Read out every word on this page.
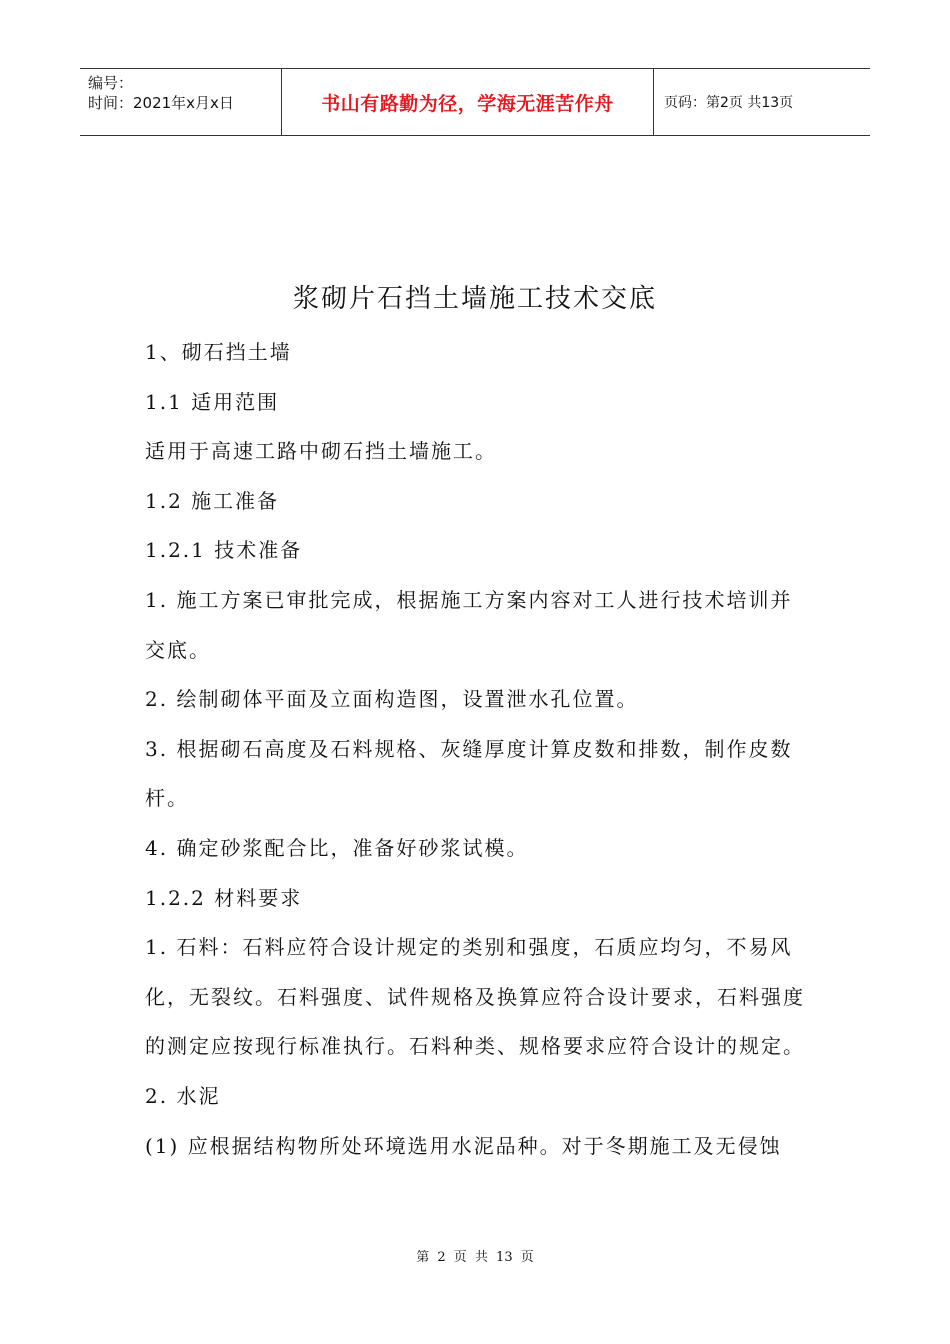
编号：
时间：2021年x月x日	书山有路勤为径，学海无涯苦作舟	页码：第2页 共13页
浆砌片石挡土墙施工技术交底

1、砌石挡土墙

1.1 适用范围

适用于高速工路中砌石挡土墙施工。

1.2 施工准备

1.2.1 技术准备

1. 施工方案已审批完成，根据施工方案内容对工人进行技术培训并交底。

2. 绘制砌体平面及立面构造图，设置泄水孔位置。

3. 根据砌石高度及石料规格、灰缝厚度计算皮数和排数，制作皮数杆。

4. 确定砂浆配合比，准备好砂浆试模。

1.2.2 材料要求

1. 石料：石料应符合设计规定的类别和强度，石质应均匀，不易风化，无裂纹。石料强度、试件规格及换算应符合设计要求，石料强度的测定应按现行标准执行。石料种类、规格要求应符合设计的规定。

2. 水泥

(1) 应根据结构物所处环境选用水泥品种。对于冬期施工及无侵蚀

第 2 页 共 13 页
